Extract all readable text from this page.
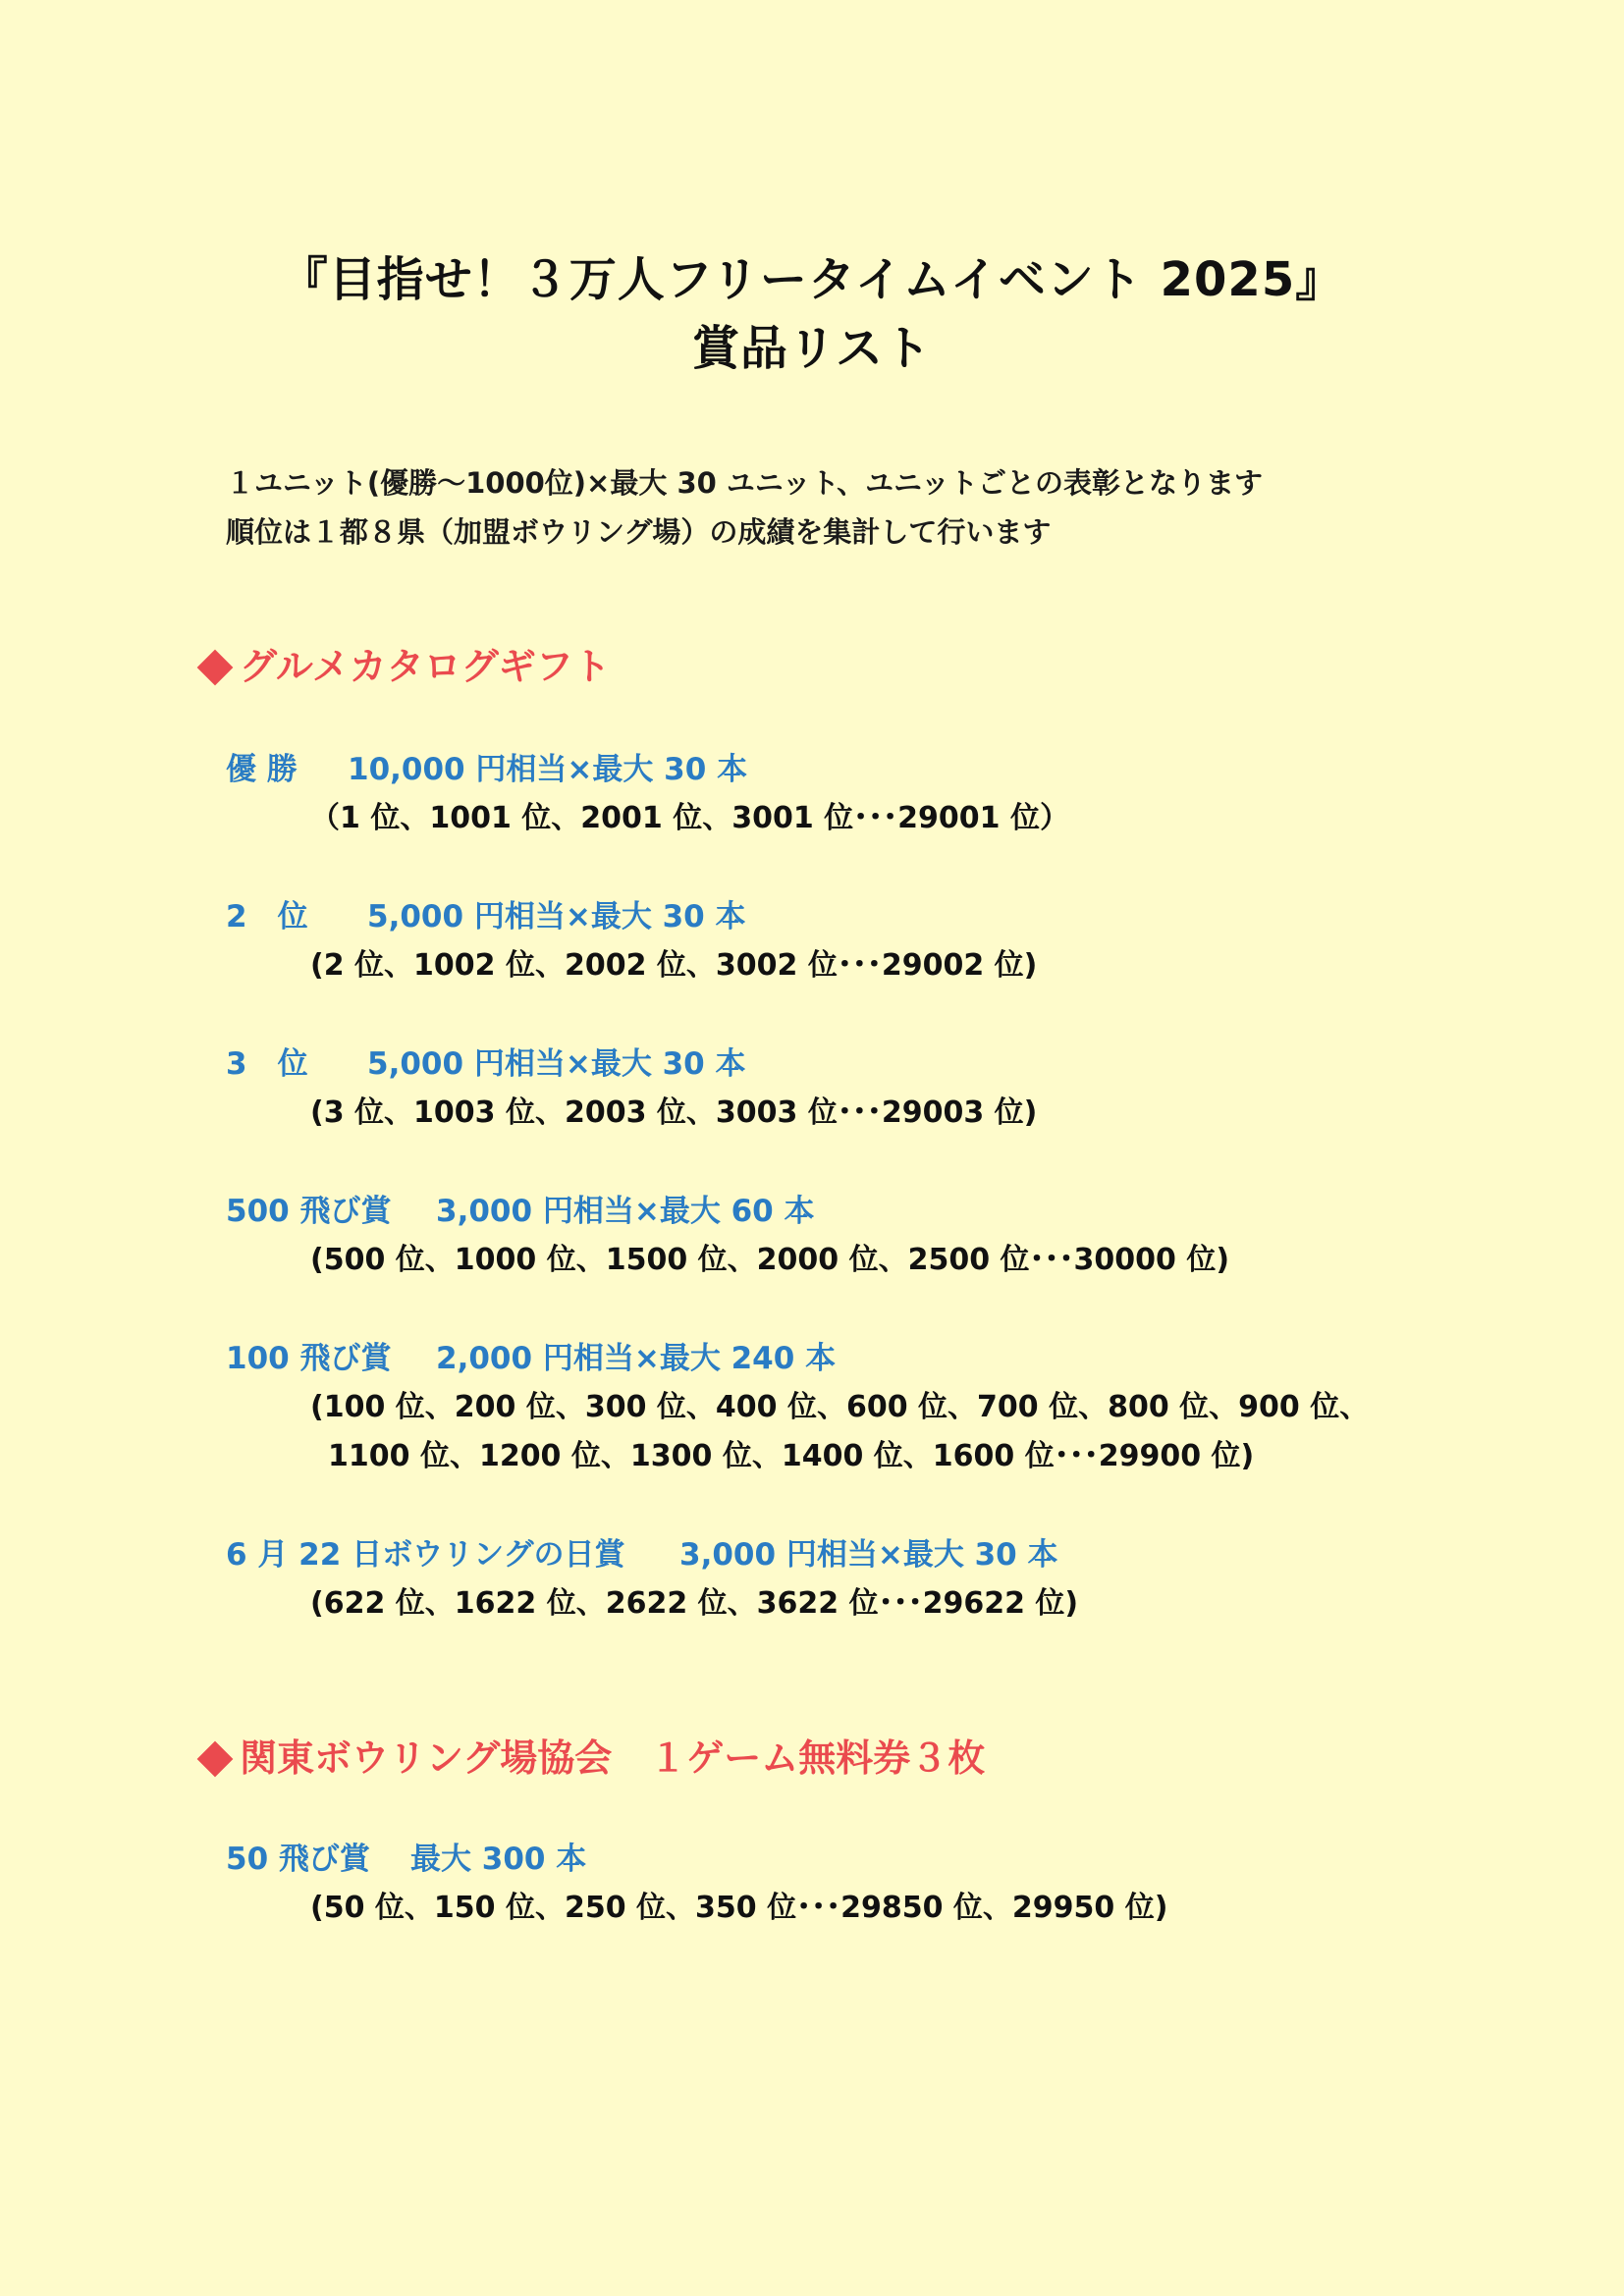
『目指せ！３万人フリータイムイベント 2025』
賞品リスト
１ユニット(優勝～1000位)×最大 30 ユニット、ユニットごとの表彰となります
順位は１都８県（加盟ボウリング場）の成績を集計して行います
グルメカタログギフト
優 勝 10,000 円相当×最大 30 本
（1 位、1001 位、2001 位、3001 位･･･29001 位）
2　位 5,000 円相当×最大 30 本
(2 位、1002 位、2002 位、3002 位･･･29002 位)
3　位 5,000 円相当×最大 30 本
(3 位、1003 位、2003 位、3003 位･･･29003 位)
500 飛び賞 3,000 円相当×最大 60 本
(500 位、1000 位、1500 位、2000 位、2500 位･･･30000 位)
100 飛び賞 2,000 円相当×最大 240 本
(100 位、200 位、300 位、400 位、600 位、700 位、800 位、900 位、
1100 位、1200 位、1300 位、1400 位、1600 位･･･29900 位)
6 月 22 日ボウリングの日賞 3,000 円相当×最大 30 本
(622 位、1622 位、2622 位、3622 位･･･29622 位)
関東ボウリング場協会　１ゲーム無料券３枚
50 飛び賞 最大 300 本
(50 位、150 位、250 位、350 位･･･29850 位、29950 位)
